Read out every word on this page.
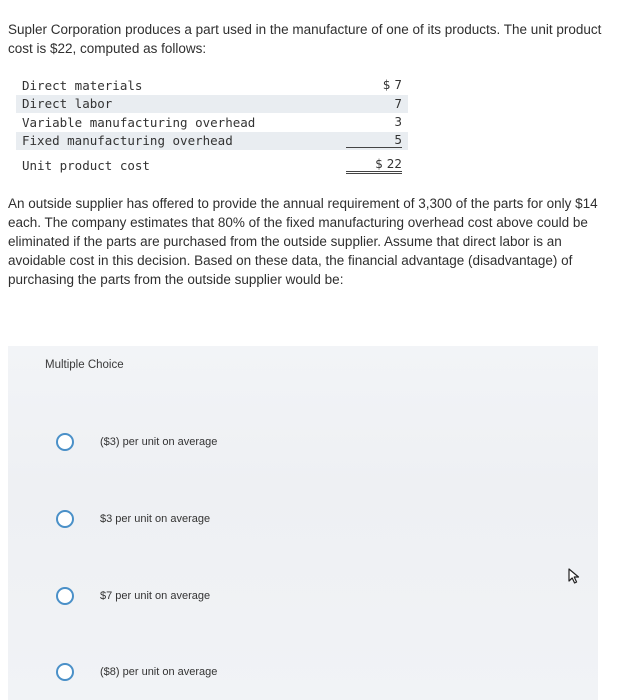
Supler Corporation produces a part used in the manufacture of one of its products. The unit product cost is $22, computed as follows:
Direct materials	$ 7
Direct labor	7
Variable manufacturing overhead	3
Fixed manufacturing overhead	5
Unit product cost	$ 22
An outside supplier has offered to provide the annual requirement of 3,300 of the parts for only $14 each. The company estimates that 80% of the fixed manufacturing overhead cost above could be eliminated if the parts are purchased from the outside supplier. Assume that direct labor is an avoidable cost in this decision. Based on these data, the financial advantage (disadvantage) of purchasing the parts from the outside supplier would be:
Multiple Choice
($3) per unit on average
$3 per unit on average
$7 per unit on average
($8) per unit on average
